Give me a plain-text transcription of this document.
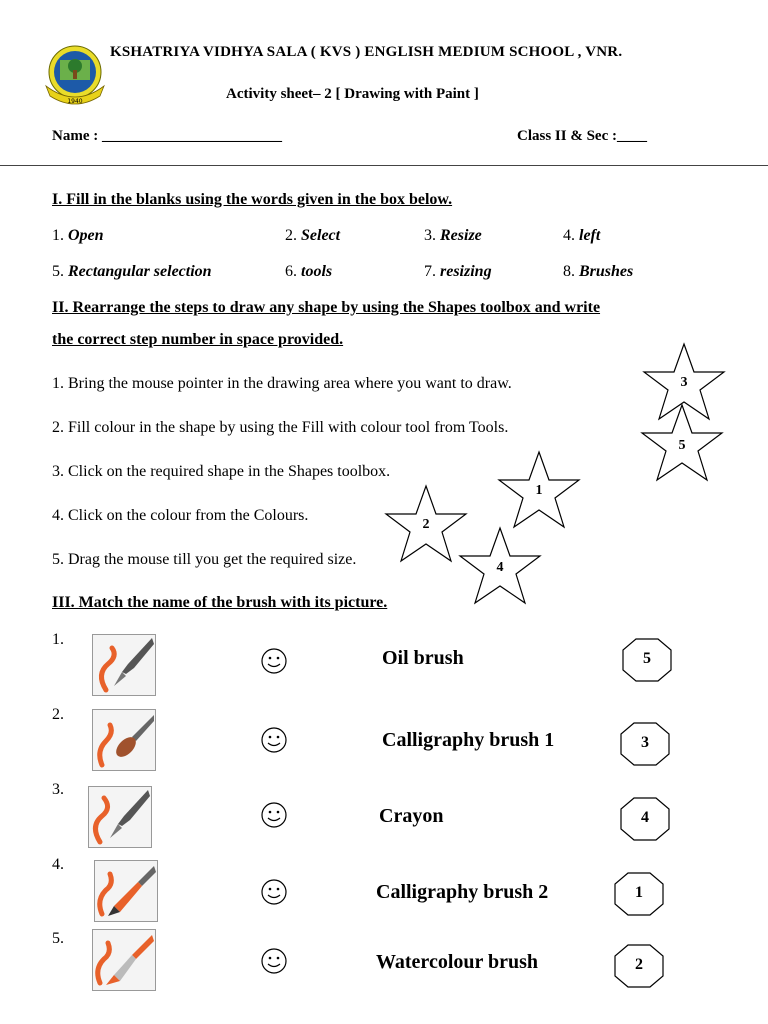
1940
KSHATRIYA VIDHYA SALA ( KVS ) ENGLISH MEDIUM SCHOOL , VNR.
Activity sheet– 2 [ Drawing with Paint ]
Name : ________________________	Class II & Sec :____
I. Fill in the blanks using the words given in the box below.
1. Open	2. Select	3. Resize	4. left
5. Rectangular selection	6. tools	7. resizing	8. Brushes
II. Rearrange the steps to draw any shape by using the Shapes toolbox and write
the correct step number in space provided.
1. Bring the mouse pointer in the drawing area where you want to draw.
2. Fill colour in the shape by using the Fill with colour tool from Tools.
3. Click on the required shape in the Shapes toolbox.
4. Click on the colour from the Colours.
5. Drag the mouse till you get the required size.
3
5
1
2
4
III. Match the name of the brush with its picture.
1.
Oil brush	5
2.
Calligraphy brush 1	3
3.
Crayon	4
4.
Calligraphy brush 2	1
5.
Watercolour brush	2
